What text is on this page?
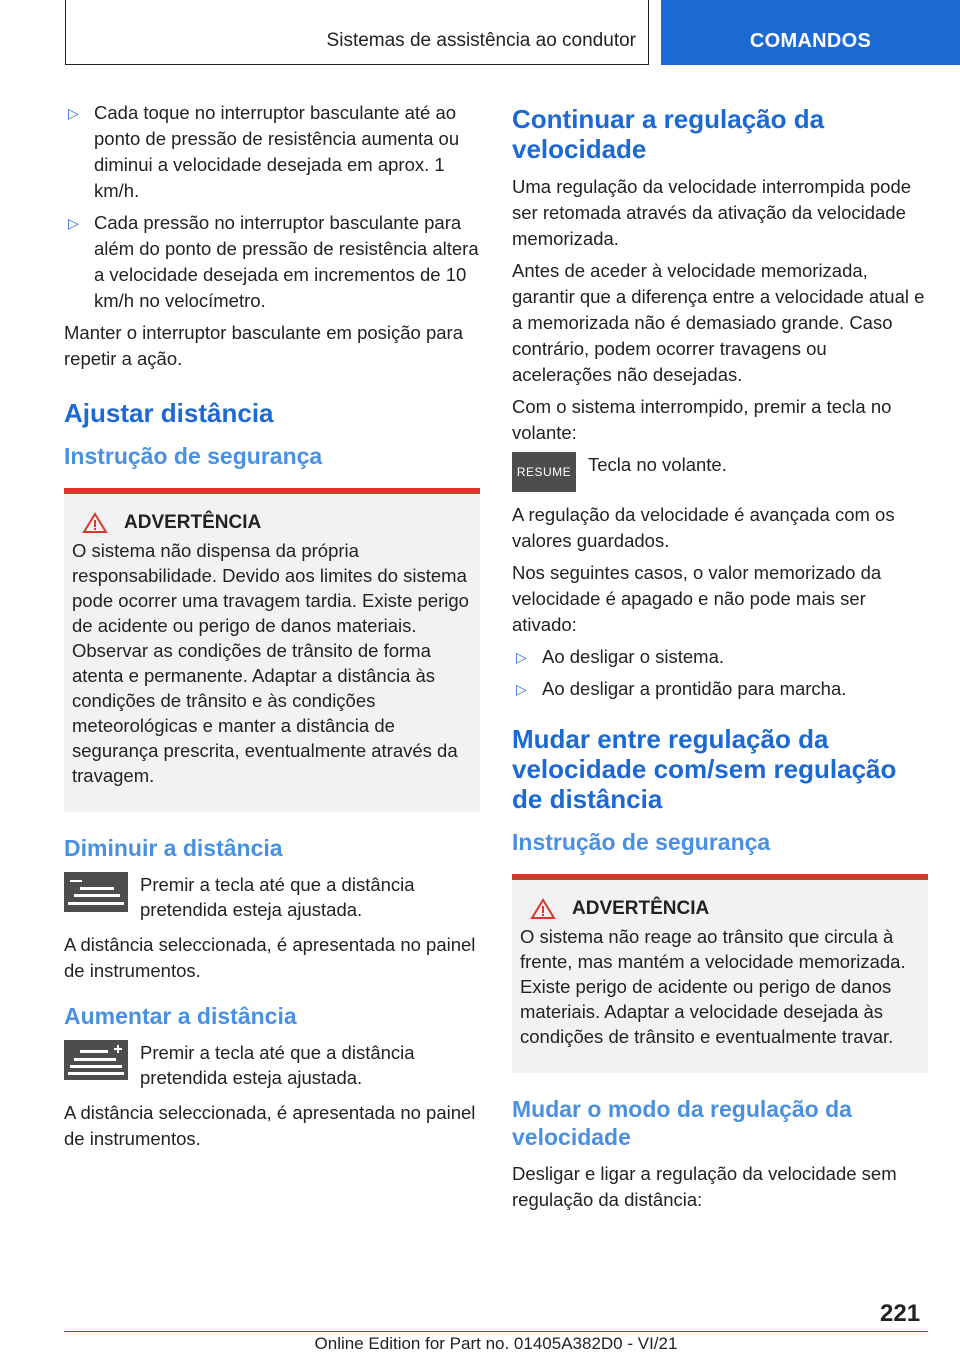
Sistemas de assistência ao condutor	COMANDOS
▷ Cada toque no interruptor basculante até ao ponto de pressão de resistência aumenta ou diminui a velocidade desejada em aprox. 1 km/h.
▷ Cada pressão no interruptor basculante para além do ponto de pressão de resistência altera a velocidade desejada em incrementos de 10 km/h no velocímetro.

Manter o interruptor basculante em posição para repetir a ação.

Ajustar distância
Instrução de segurança
ADVERTÊNCIA

O sistema não dispensa da própria responsabilidade. Devido aos limites do sistema pode ocorrer uma travagem tardia. Existe perigo de acidente ou perigo de danos materiais. Observar as condições de trânsito de forma atenta e permanente. Adaptar a distância às condições de trânsito e às condições meteorológicas e manter a distância de segurança prescrita, eventualmente através da travagem.

Diminuir a distância

Premir a tecla até que a distância pretendida esteja ajustada.

A distância seleccionada, é apresentada no painel de instrumentos.

Aumentar a distância

Premir a tecla até que a distância pretendida esteja ajustada.

A distância seleccionada, é apresentada no painel de instrumentos.

Continuar a regulação da velocidade

Uma regulação da velocidade interrompida pode ser retomada através da ativação da velocidade memorizada.

Antes de aceder à velocidade memorizada, garantir que a diferença entre a velocidade atual e a memorizada não é demasiado grande. Caso contrário, podem ocorrer travagens ou acelerações não desejadas.

Com o sistema interrompido, premir a tecla no volante:

RESUME Tecla no volante.

A regulação da velocidade é avançada com os valores guardados.

Nos seguintes casos, o valor memorizado da velocidade é apagado e não pode mais ser ativado:

▷ Ao desligar o sistema.
▷ Ao desligar a prontidão para marcha.
Mudar entre regulação da velocidade com/sem regulação de distância
Instrução de segurança
ADVERTÊNCIA

O sistema não reage ao trânsito que circula à frente, mas mantém a velocidade memorizada. Existe perigo de acidente ou perigo de danos materiais. Adaptar a velocidade desejada às condições de trânsito e eventualmente travar.

Mudar o modo da regulação da velocidade

Desligar e ligar a regulação da velocidade sem regulação da distância:

221
Online Edition for Part no. 01405A382D0 - VI/21
